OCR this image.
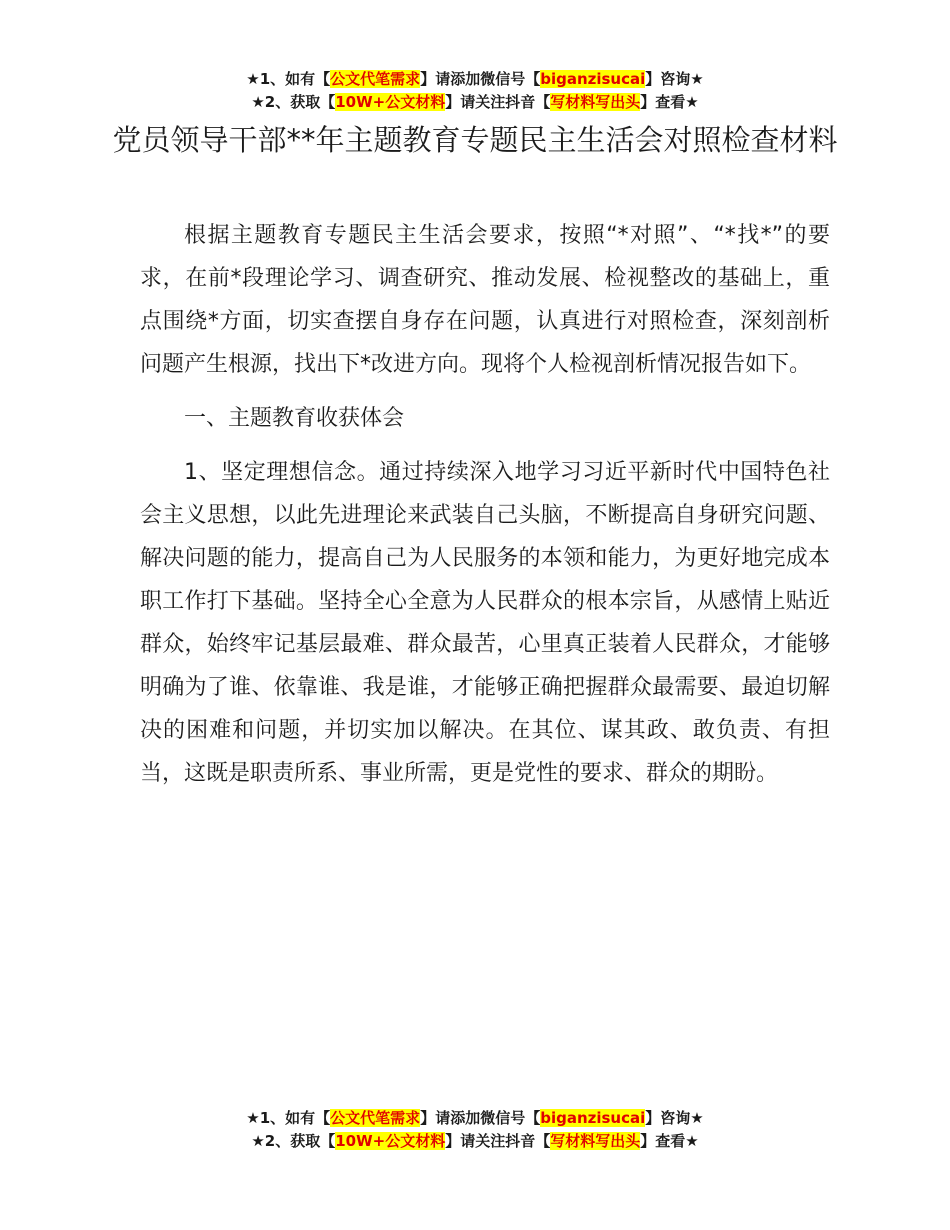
★1、如有【公文代笔需求】请添加微信号【biganzisucai】咨询★
★2、获取【10W+公文材料】请关注抖音【写材料写出头】查看★
党员领导干部**年主题教育专题民主生活会对照检查材料

根据主题教育专题民主生活会要求，按照“*对照”、“*找*”的要求，在前*段理论学习、调查研究、推动发展、检视整改的基础上，重点围绕*方面，切实查摆自身存在问题，认真进行对照检查，深刻剖析问题产生根源，找出下*改进方向。现将个人检视剖析情况报告如下。

一、主题教育收获体会

1、坚定理想信念。通过持续深入地学习习近平新时代中国特色社会主义思想，以此先进理论来武装自己头脑，不断提高自身研究问题、解决问题的能力，提高自己为人民服务的本领和能力，为更好地完成本职工作打下基础。坚持全心全意为人民群众的根本宗旨，从感情上贴近群众，始终牢记基层最难、群众最苦，心里真正装着人民群众，才能够明确为了谁、依靠谁、我是谁，才能够正确把握群众最需要、最迫切解决的困难和问题，并切实加以解决。在其位、谋其政、敢负责、有担当，这既是职责所系、事业所需，更是党性的要求、群众的期盼。

★1、如有【公文代笔需求】请添加微信号【biganzisucai】咨询★
★2、获取【10W+公文材料】请关注抖音【写材料写出头】查看★
